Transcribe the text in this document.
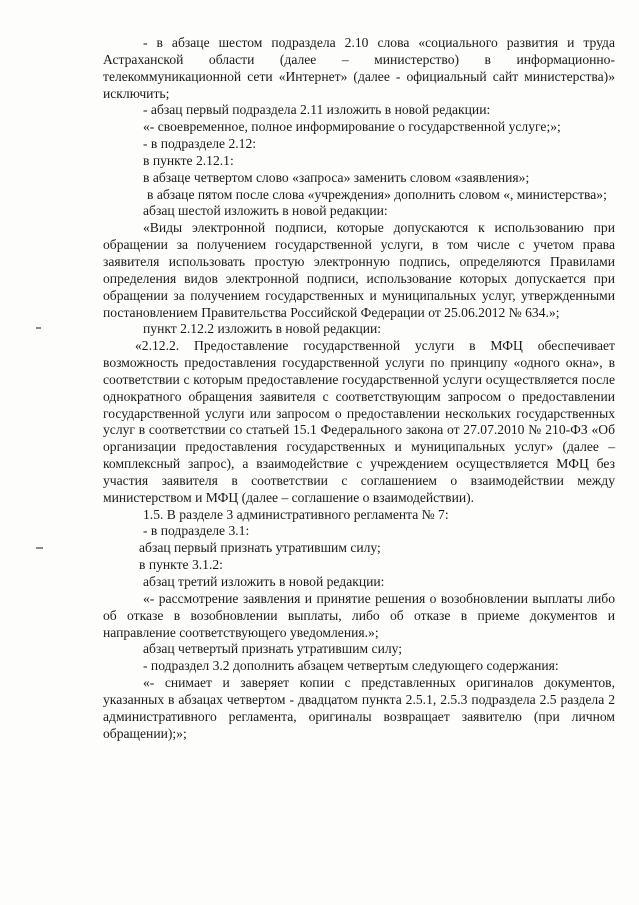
- в абзаце шестом подраздела 2.10 слова «социального развития и труда Астраханской области (далее – министерство) в информационно-телекоммуникационной сети «Интернет» (далее - официальный сайт министерства)» исключить;

- абзац первый подраздела 2.11 изложить в новой редакции:

«- своевременное, полное информирование о государственной услуге;»;

- в подразделе 2.12:

в пункте 2.12.1:

в абзаце четвертом слово «запроса» заменить словом «заявления»;

в абзаце пятом после слова «учреждения» дополнить словом «, министерства»;

абзац шестой изложить в новой редакции:

«Виды электронной подписи, которые допускаются к использованию при обращении за получением государственной услуги, в том числе с учетом права заявителя использовать простую электронную подпись, определяются Правилами определения видов электронной подписи, использование которых допускается при обращении за получением государственных и муниципальных услуг, утвержденными постановлением Правительства Российской Федерации от 25.06.2012 № 634.»;

пункт 2.12.2 изложить в новой редакции:

«2.12.2. Предоставление государственной услуги в МФЦ обеспечивает возможность предоставления государственной услуги по принципу «одного окна», в соответствии с которым предоставление государственной услуги осуществляется после однократного обращения заявителя с соответствующим запросом о предоставлении государственной услуги или запросом о предоставлении нескольких государственных услуг в соответствии со статьей 15.1 Федерального закона от 27.07.2010 № 210-ФЗ «Об организации предоставления государственных и муниципальных услуг» (далее – комплексный запрос), а взаимодействие с учреждением осуществляется МФЦ без участия заявителя в соответствии с соглашением о взаимодействии между министерством и МФЦ (далее – соглашение о взаимодействии).

1.5. В разделе 3 административного регламента № 7:

- в подразделе 3.1:

абзац первый признать утратившим силу;

в пункте 3.1.2:

абзац третий изложить в новой редакции:

«- рассмотрение заявления и принятие решения о возобновлении выплаты либо об отказе в возобновлении выплаты, либо об отказе в приеме документов и направление соответствующего уведомления.»;

абзац четвертый признать утратившим силу;

- подраздел 3.2 дополнить абзацем четвертым следующего содержания:

«- снимает и заверяет копии с представленных оригиналов документов, указанных в абзацах четвертом - двадцатом пункта 2.5.1, 2.5.3 подраздела 2.5 раздела 2 административного регламента, оригиналы возвращает заявителю (при личном обращении);»;
